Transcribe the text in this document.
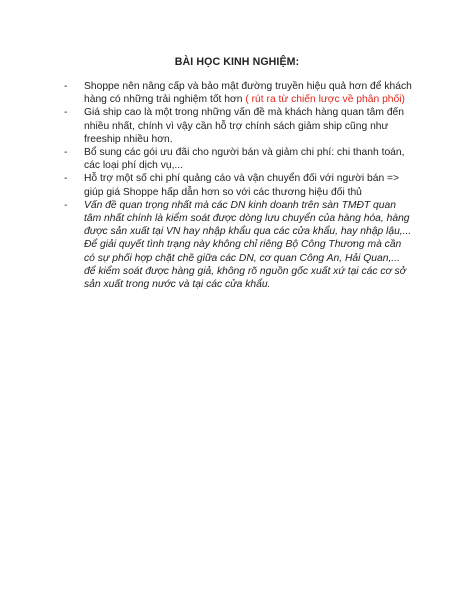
BÀI HỌC KINH NGHIỆM:
- Shoppe nên nâng cấp và bảo mật đường truyền hiệu quả hơn để khách hàng có những trải nghiệm tốt hơn ( rút ra từ chiến lược về phân phối)
- Giá ship cao là một trong những vấn đề mà khách hàng quan tâm đến nhiều nhất, chính vì vậy cần hỗ trợ chính sách giảm ship cũng như freeship nhiều hơn.
- Bổ sung các gói ưu đãi cho người bán và giảm chi phí: chi thanh toán, các loại phí dịch vụ,...
- Hỗ trợ một số chi phí quảng cáo và vận chuyển đối với người bán => giúp giá Shoppe hấp dẫn hơn so với các thương hiệu đối thủ
- Vấn đề quan trọng nhất mà các DN kinh doanh trên sàn TMĐT quan tâm nhất chính là kiểm soát được dòng lưu chuyển của hàng hóa, hàng được sản xuất tại VN hay nhập khẩu qua các cửa khẩu, hay nhập lậu,... Để giải quyết tình trạng này không chỉ riêng Bộ Công Thương mà cần có sự phối hợp chặt chẽ giữa các DN, cơ quan Công An, Hải Quan,... để kiểm soát được hàng giả, không rõ nguồn gốc xuất xứ tại các cơ sở sản xuất trong nước và tại các cửa khẩu.
